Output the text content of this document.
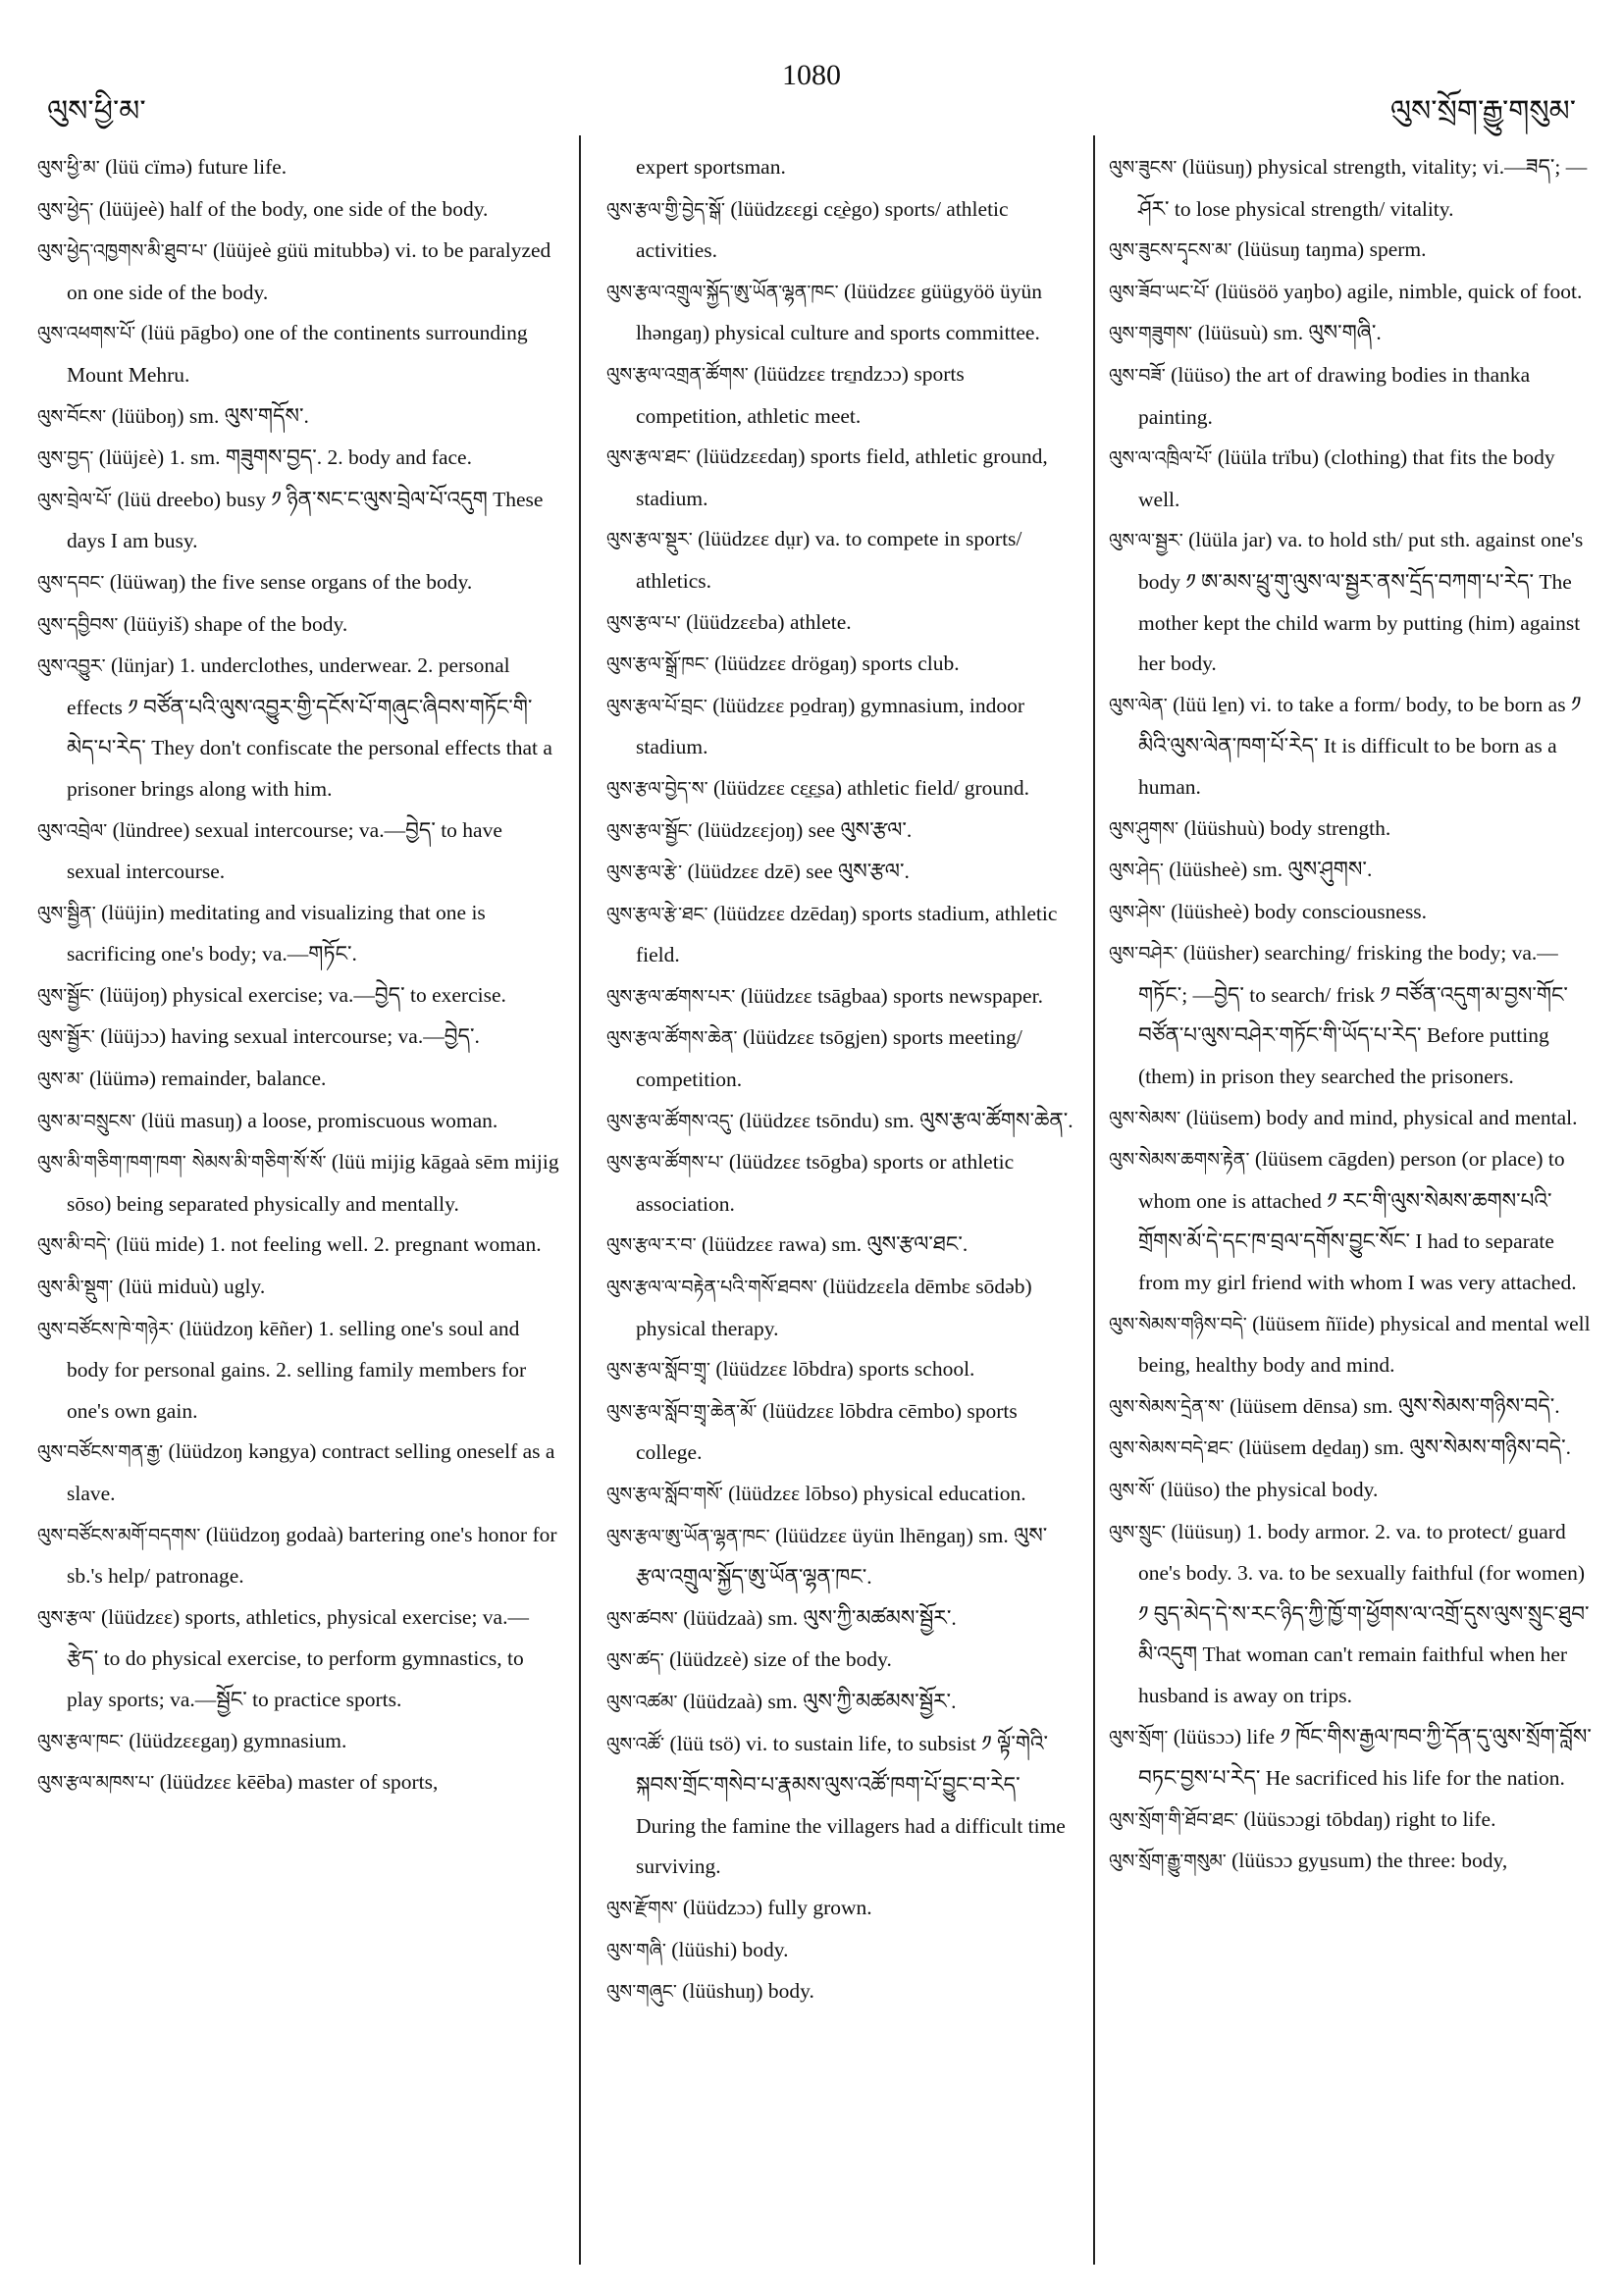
ལུས་ཕྱི་མ་
1080
ལུས་སྲོག་རྒྱུ་གསུམ་

ལུས་ཕྱི་མ་ (lüü cïmə) future life.

ལུས་ཕྱེད་ (lüüjeè) half of the body, one side of the body.

ལུས་ཕྱེད་འཁྱགས་མི་ཐུབ་པ་ (lüüjeè güü mitubbə) vi. to be paralyzed on one side of the body.

ལུས་འཕགས་པོ་ (lüü pāgbo) one of the continents surrounding Mount Mehru.

ལུས་བོངས་ (lüüboŋ) sm. ལུས་གདོས་.

ལུས་བྱད་ (lüüjɛè) 1. sm. གཟུགས་བྱད་. 2. body and face.

ལུས་བྲེལ་པོ་ (lüü dreebo) busy ༡ ཉིན་སང་ང་ལུས་བྲེལ་པོ་འདུག These days I am busy.

ལུས་དབང་ (lüüwaŋ) the five sense organs of the body.

ལུས་དབྱིབས་ (lüüyiš) shape of the body.

ལུས་འབྱུར་ (lünjar) 1. underclothes, underwear. 2. personal effects ༡ བཙོན་པའི་ལུས་འབྱུར་གྱི་དངོས་པོ་གཞུང་ཞིབས་གཏོང་གི་མེད་པ་རེད་ They don't confiscate the personal effects that a prisoner brings along with him.

ལུས་འབྲེལ་ (lündree) sexual intercourse; va.—བྱེད་ to have sexual intercourse.

ལུས་སྦྱིན་ (lüüjin) meditating and visualizing that one is sacrificing one's body; va.—གཏོང་.

ལུས་སྦྱོང་ (lüüjoŋ) physical exercise; va.—བྱེད་ to exercise.

ལུས་སྦྱོར་ (lüüjɔɔ) having sexual intercourse; va.—བྱེད་.

ལུས་མ་ (lüümə) remainder, balance.

ལུས་མ་བསྲུངས་ (lüü masuŋ) a loose, promiscuous woman.

ལུས་མི་གཅིག་ཁག་ཁག་ སེམས་མི་གཅིག་སོ་སོ་ (lüü mijig kāgaà sēm mijig sōso) being separated physically and mentally.

ལུས་མི་བདེ་ (lüü mide) 1. not feeling well. 2. pregnant woman.

ལུས་མི་སྡུག་ (lüü miduù) ugly.

ལུས་བཙོངས་ཁེ་གཉེར་ (lüüdzoŋ kēñer) 1. selling one's soul and body for personal gains. 2. selling family members for one's own gain.

ལུས་བཙོངས་གན་རྒྱ་ (lüüdzoŋ kəngya) contract selling oneself as a slave.

ལུས་བཙོངས་མགོ་བདགས་ (lüüdzoŋ godaà) bartering one's honor for sb.'s help/ patronage.

ལུས་རྩལ་ (lüüdzɛɛ) sports, athletics, physical exercise; va.—རྩེད་ to do physical exercise, to perform gymnastics, to play sports; va.—སྦྱོང་ to practice sports.

ལུས་རྩལ་ཁང་ (lüüdzɛɛgaŋ) gymnasium.

ལུས་རྩལ་མཁས་པ་ (lüüdzɛɛ kēēba) master of sports,

expert sportsman.

ལུས་རྩལ་གྱི་བྱེད་སྒོ་ (lüüdzɛɛgi cɛ̱ègo) sports/ athletic activities.

ལུས་རྩལ་འགྲུལ་སྐྱོད་ཨུ་ཡོན་ལྷན་ཁང་ (lüüdzɛɛ güügyöö üyün lhəngaŋ) physical culture and sports committee.

ལུས་རྩལ་འགྲན་ཚོགས་ (lüüdzɛɛ trɛ̱ndzɔɔ) sports competition, athletic meet.

ལུས་རྩལ་ཐང་ (lüüdzɛɛdaŋ) sports field, athletic ground, stadium.

ལུས་རྩལ་སྡུར་ (lüüdzɛɛ dṳr) va. to compete in sports/ athletics.

ལུས་རྩལ་པ་ (lüüdzɛɛba) athlete.

ལུས་རྩལ་སྒྲོ་ཁང་ (lüüdzɛɛ drögaŋ) sports club.

ལུས་རྩལ་པོ་བྲང་ (lüüdzɛɛ po̱draŋ) gymnasium, indoor stadium.

ལུས་རྩལ་བྱེད་ས་ (lüüdzɛɛ cɛ̱ɛ̱sa) athletic field/ ground.

ལུས་རྩལ་སྦྱོང་ (lüüdzɛɛjoŋ) see ལུས་རྩལ་.

ལུས་རྩལ་རྩེ་ (lüüdzɛɛ dzē) see ལུས་རྩལ་.

ལུས་རྩལ་རྩེ་ཐང་ (lüüdzɛɛ dzēdaŋ) sports stadium, athletic field.

ལུས་རྩལ་ཚགས་པར་ (lüüdzɛɛ tsāgbaa) sports newspaper.

ལུས་རྩལ་ཚོགས་ཆེན་ (lüüdzɛɛ tsōgjen) sports meeting/ competition.

ལུས་རྩལ་ཚོགས་འདུ་ (lüüdzɛɛ tsōndu) sm. ལུས་རྩལ་ཚོགས་ཆེན་.

ལུས་རྩལ་ཚོགས་པ་ (lüüdzɛɛ tsōgba) sports or athletic association.

ལུས་རྩལ་ར་བ་ (lüüdzɛɛ rawa) sm. ལུས་རྩལ་ཐང་.

ལུས་རྩལ་ལ་བརྟེན་པའི་གསོ་ཐབས་ (lüüdzɛɛla dēmbɛ sōdəb) physical therapy.

ལུས་རྩལ་སློབ་གྲྭ་ (lüüdzɛɛ lōbdra) sports school.

ལུས་རྩལ་སློབ་གྲྭ་ཆེན་མོ་ (lüüdzɛɛ lōbdra cēmbo) sports college.

ལུས་རྩལ་སློབ་གསོ་ (lüüdzɛɛ lōbso) physical education.

ལུས་རྩལ་ཨུ་ཡོན་ལྷན་ཁང་ (lüüdzɛɛ üyün lhēngaŋ) sm. ལུས་རྩལ་འགྲུལ་སྐྱོད་ཨུ་ཡོན་ལྷན་ཁང་.

ལུས་ཚབས་ (lüüdzaà) sm. ལུས་ཀྱི་མཚམས་སྦྱོར་.

ལུས་ཚད་ (lüüdzɛè) size of the body.

ལུས་འཚམ་ (lüüdzaà) sm. ལུས་ཀྱི་མཚམས་སྦྱོར་.

ལུས་འཚོ་ (lüü tsö) vi. to sustain life, to subsist ༡ ལྟོ་གེའི་སྐབས་གྲོང་གསེབ་པ་རྣམས་ལུས་འཚོ་ཁག་པོ་བྱུང་བ་རེད་ During the famine the villagers had a difficult time surviving.

ལུས་རྫོགས་ (lüüdzɔɔ) fully grown.

ལུས་གཞི་ (lüüshi) body.

ལུས་གཞུང་ (lüüshuŋ) body.

ལུས་ཟུངས་ (lüüsuŋ) physical strength, vitality; vi.—ཟད་; —ཤོར་ to lose physical strength/ vitality.

ལུས་ཟུངས་དྭངས་མ་ (lüüsuŋ taŋma) sperm.

ལུས་ཟོབ་ཡང་པོ་ (lüüsöö yaŋbo) agile, nimble, quick of foot.

ལུས་གཟུགས་ (lüüsuù) sm. ལུས་གཞི་.

ལུས་བཟོ་ (lüüso) the art of drawing bodies in thanka painting.

ལུས་ལ་འཁྲིལ་པོ་ (lüüla trïbu) (clothing) that fits the body well.

ལུས་ལ་སྦྱར་ (lüüla jar) va. to hold sth/ put sth. against one's body ༡ ཨ་མས་ཕྲུ་གུ་ལུས་ལ་སྦྱར་ནས་དྲོད་བཀག་པ་རེད་ The mother kept the child warm by putting (him) against her body.

ལུས་ལེན་ (lüü le̱n) vi. to take a form/ body, to be born as ༡ མིའི་ལུས་ལེན་ཁག་པོ་རེད་ It is difficult to be born as a human.

ལུས་ཤུགས་ (lüüshuù) body strength.

ལུས་ཤེད་ (lüüsheè) sm. ལུས་ཤུགས་.

ལུས་ཤེས་ (lüüsheè) body consciousness.

ལུས་བཤེར་ (lüüsher) searching/ frisking the body; va.—གཏོང་; —བྱེད་ to search/ frisk ༡ བཙོན་འདུག་མ་བྱས་གོང་བཙོན་པ་ལུས་བཤེར་གཏོང་གི་ཡོད་པ་རེད་ Before putting (them) in prison they searched the prisoners.

ལུས་སེམས་ (lüüsem) body and mind, physical and mental.

ལུས་སེམས་ཆགས་རྟེན་ (lüüsem cāgden) person (or place) to whom one is attached ༡ རང་གི་ལུས་སེམས་ཆགས་པའི་གྲོགས་མོ་དེ་དང་ཁ་བྲལ་དགོས་བྱུང་སོང་ I had to separate from my girl friend with whom I was very attached.

ལུས་སེམས་གཉིས་བདེ་ (lüüsem ñïide) physical and mental well being, healthy body and mind.

ལུས་སེམས་དྲེན་ས་ (lüüsem dēnsa) sm. ལུས་སེམས་གཉིས་བདེ་.

ལུས་སེམས་བདེ་ཐང་ (lüüsem de̱daŋ) sm. ལུས་སེམས་གཉིས་བདེ་.

ལུས་སོ་ (lüüso) the physical body.

ལུས་སྲུང་ (lüüsuŋ) 1. body armor. 2. va. to protect/ guard one's body. 3. va. to be sexually faithful (for women) ༡ བུད་མེད་དེ་ས་རང་ཉིད་ཀྱི་ཁྱོ་ག་ཕྱོགས་ལ་འགྲོ་དུས་ལུས་སྲུང་ཐུབ་མི་འདུག That woman can't remain faithful when her husband is away on trips.

ལུས་སྲོག་ (lüüsɔɔ) life ༡ ཁོང་གིས་རྒྱལ་ཁབ་ཀྱི་དོན་དུ་ལུས་སྲོག་བློས་བཏང་བྱས་པ་རེད་ He sacrificed his life for the nation.

ལུས་སྲོག་གི་ཐོབ་ཐང་ (lüüsɔɔgi tōbdaŋ) right to life.

ལུས་སྲོག་རྒྱུ་གསུམ་ (lüüsɔɔ gyu̱sum) the three: body,
